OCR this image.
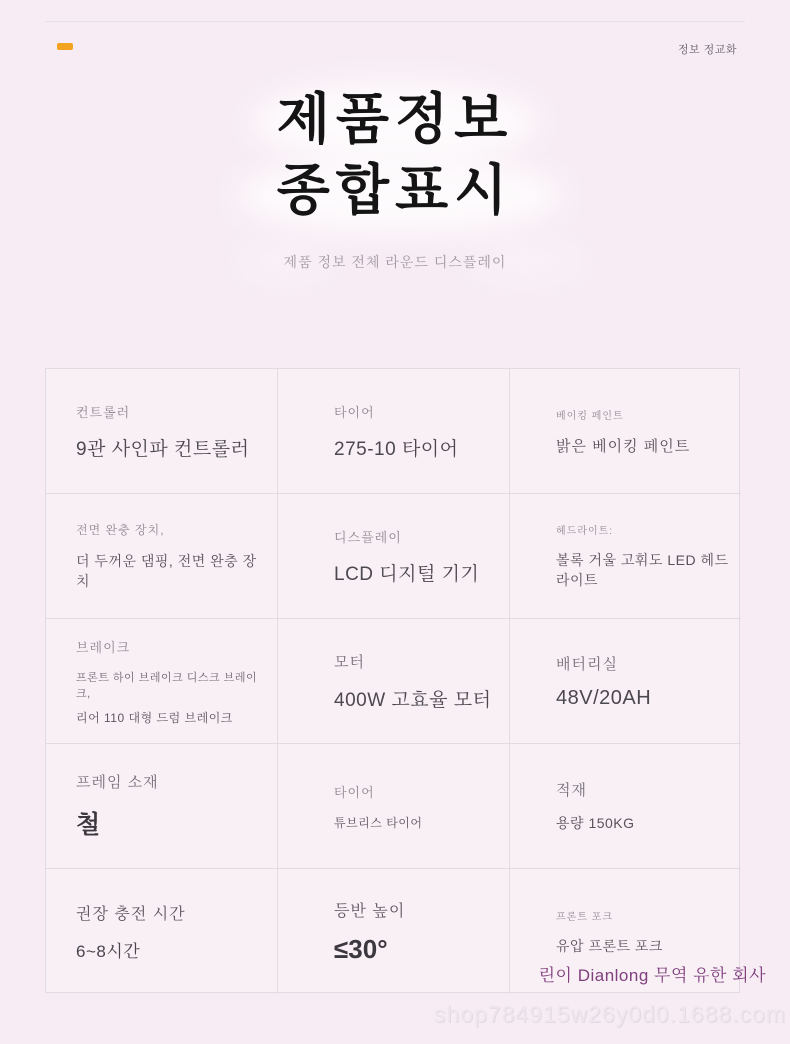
정보 정교화
제품정보
종합표시
제품 정보 전체 라운드 디스플레이
컨트롤러
9관 사인파 컨트롤러
타이어
275-10 타이어
베이킹 페인트
밝은 베이킹 페인트
전면 완충 장치,
더 두꺼운 댐핑, 전면 완충 장치
디스플레이
LCD 디지털 기기
헤드라이트:
볼록 거울 고휘도 LED 헤드라이트
브레이크
프론트 하이 브레이크 디스크 브레이크,
리어 110 대형 드럼 브레이크
모터
400W 고효율 모터
배터리실
48V/20AH
프레임 소재
철
타이어
튜브리스 타이어
적재
용량 150KG
권장 충전 시간
6~8시간
등반 높이
≤30°
프론트 포크
유압 프론트 포크
린이 Dianlong 무역 유한 회사
shop784915w26y0d0.1688.com
